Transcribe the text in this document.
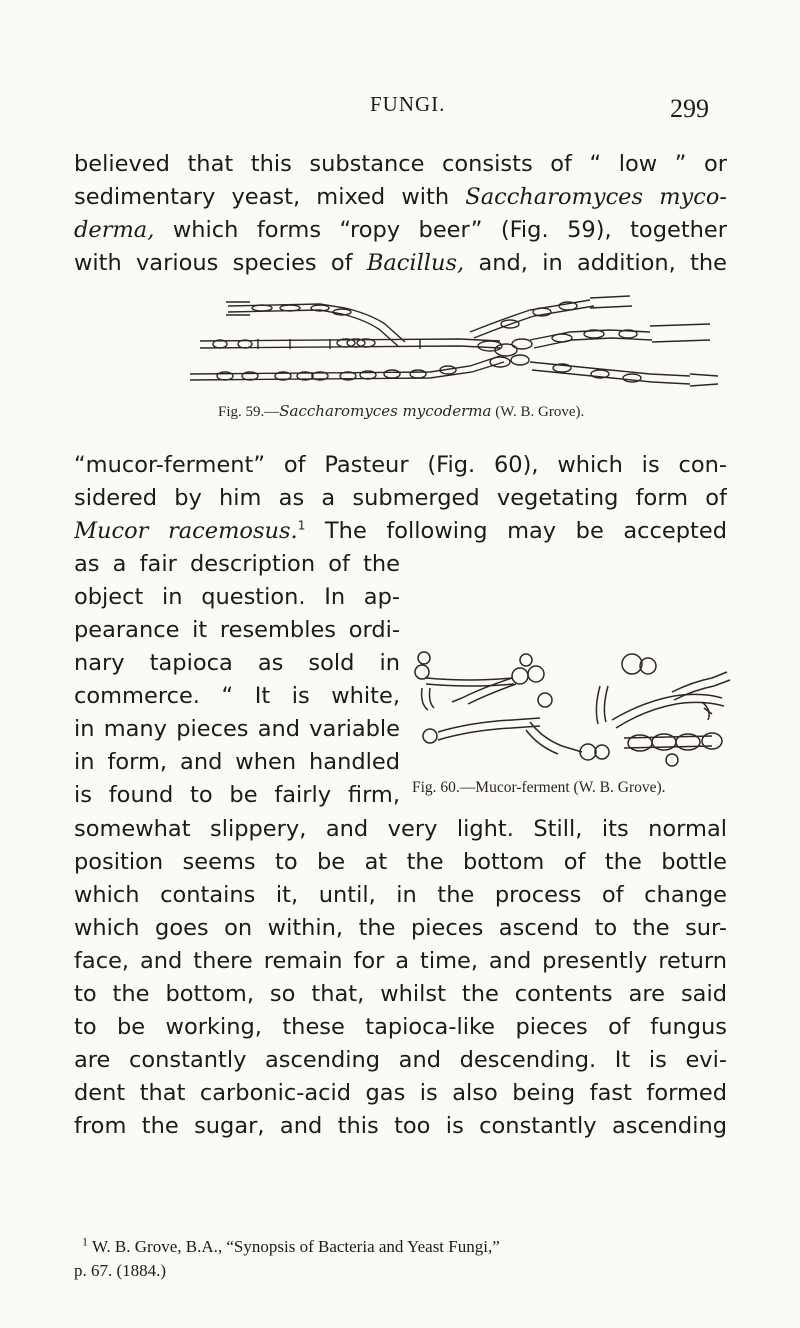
FUNGI.	299
believed that this substance consists of “ low ” or
sedimentary yeast, mixed with Saccharomyces myco-
derma, which forms “ropy beer” (Fig. 59), together
with various species of Bacillus, and, in addition, the
Fig. 59.—Saccharomyces mycoderma (W. B. Grove).
“mucor-ferment” of Pasteur (Fig. 60), which is con-
sidered by him as a submerged vegetating form of
Mucor racemosus.$^1$ The following may be accepted
as a fair description of the
object in question. In ap-
pearance it resembles ordi-
nary tapioca as sold in
commerce. “ It is white,
in many pieces and variable
in form, and when handled
is found to be fairly firm, Fig. 60.—Mucor-ferment (W. B. Grove).
somewhat slippery, and very light. Still, its normal
position seems to be at the bottom of the bottle
which contains it, until, in the process of change
which goes on within, the pieces ascend to the sur-
face, and there remain for a time, and presently return
to the bottom, so that, whilst the contents are said
to be working, these tapioca-like pieces of fungus
are constantly ascending and descending. It is evi-
dent that carbonic-acid gas is also being fast formed
from the sugar, and this too is constantly ascending
$^1$ W. B. Grove, B.A., “Synopsis of Bacteria and Yeast Fungi,”
p. 67. (1884.)
